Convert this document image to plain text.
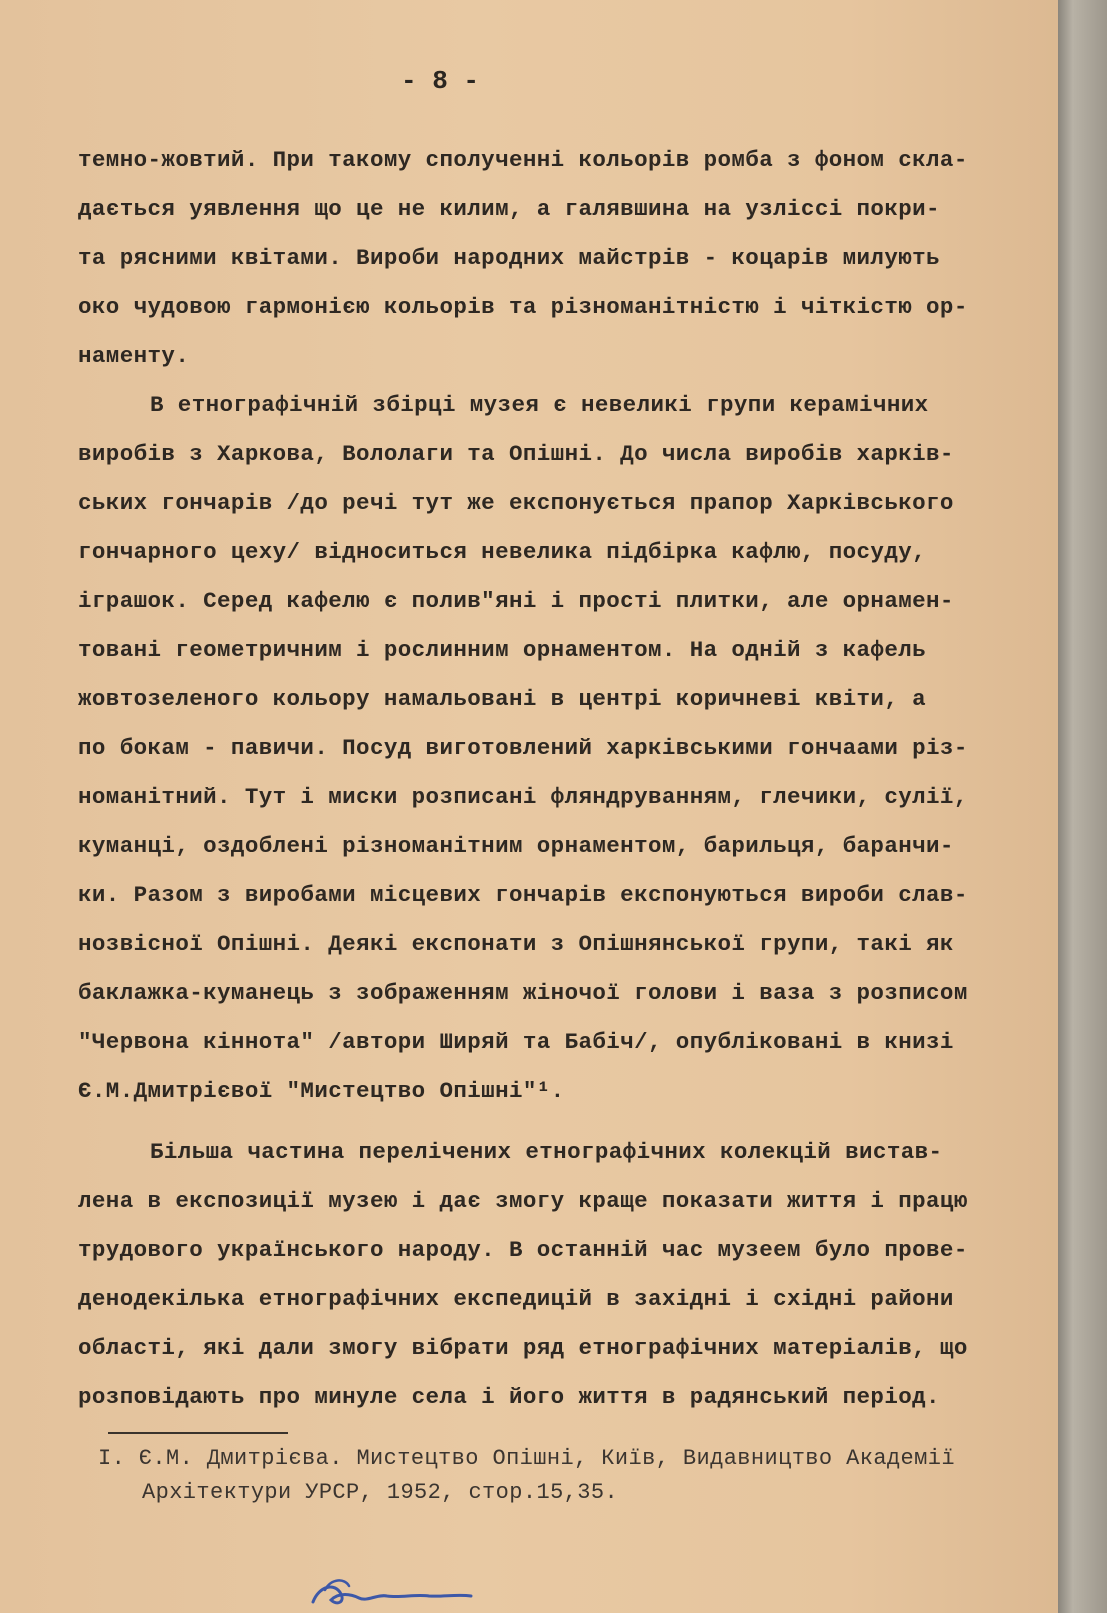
- 8 -
темно-жовтий. При такому сполученні кольорів ромба з фоном скла-
дається уявлення що це не килим, а галявшина на узліссі покри-
та рясними квітами. Вироби народних майстрів - коцарів милують
око чудовою гармонією кольорів та різноманітністю і чіткістю ор-
наменту.
В етнографічній збірці музея є невеликі групи керамічних
виробів з Харкова, Вололаги та Опішні. До числа виробів харків-
ських гончарів /до речі тут же експонується прапор Харківського
гончарного цеху/ відноситься невелика підбірка кафлю, посуду,
іграшок. Серед кафелю є полив"яні і прості плитки, але орнамен-
товані геометричним і рослинним орнаментом. На одній з кафель
жовтозеленого кольору намальовані в центрі коричневі квіти, а
по бокам - павичи. Посуд виготовлений харківськими гончаами різ-
номанітний. Тут і миски розписані фляндруванням, глечики, сулії,
куманці, оздоблені різноманітним орнаментом, барильця, баранчи-
ки. Разом з виробами місцевих гончарів експонуються вироби слав-
нозвісної Опішні. Деякі експонати з Опішнянської групи, такі як
баклажка-куманець з зображенням жіночої голови і ваза з розписом
"Червона кіннота" /автори Ширяй та Бабіч/, опубліковані в книзі
Є.М.Дмитрієвої "Мистецтво Опішні"¹.
Більша частина перелічених етнографічних колекцій вистав-
лена в експозиції музею і дає змогу краще показати життя і працю
трудового українського народу. В останній час музеем було прове-
денодекілька етнографічних експедицій в західні і східні райони
області, які дали змогу вібрати ряд етнографічних матеріалів, що
розповідають про минуле села і його життя в радянський період.
I. Є.М. Дмитрієва. Мистецтво Опішні, Київ, Видавництво Академії
Архітектури УРСР, 1952, стор.15,35.
